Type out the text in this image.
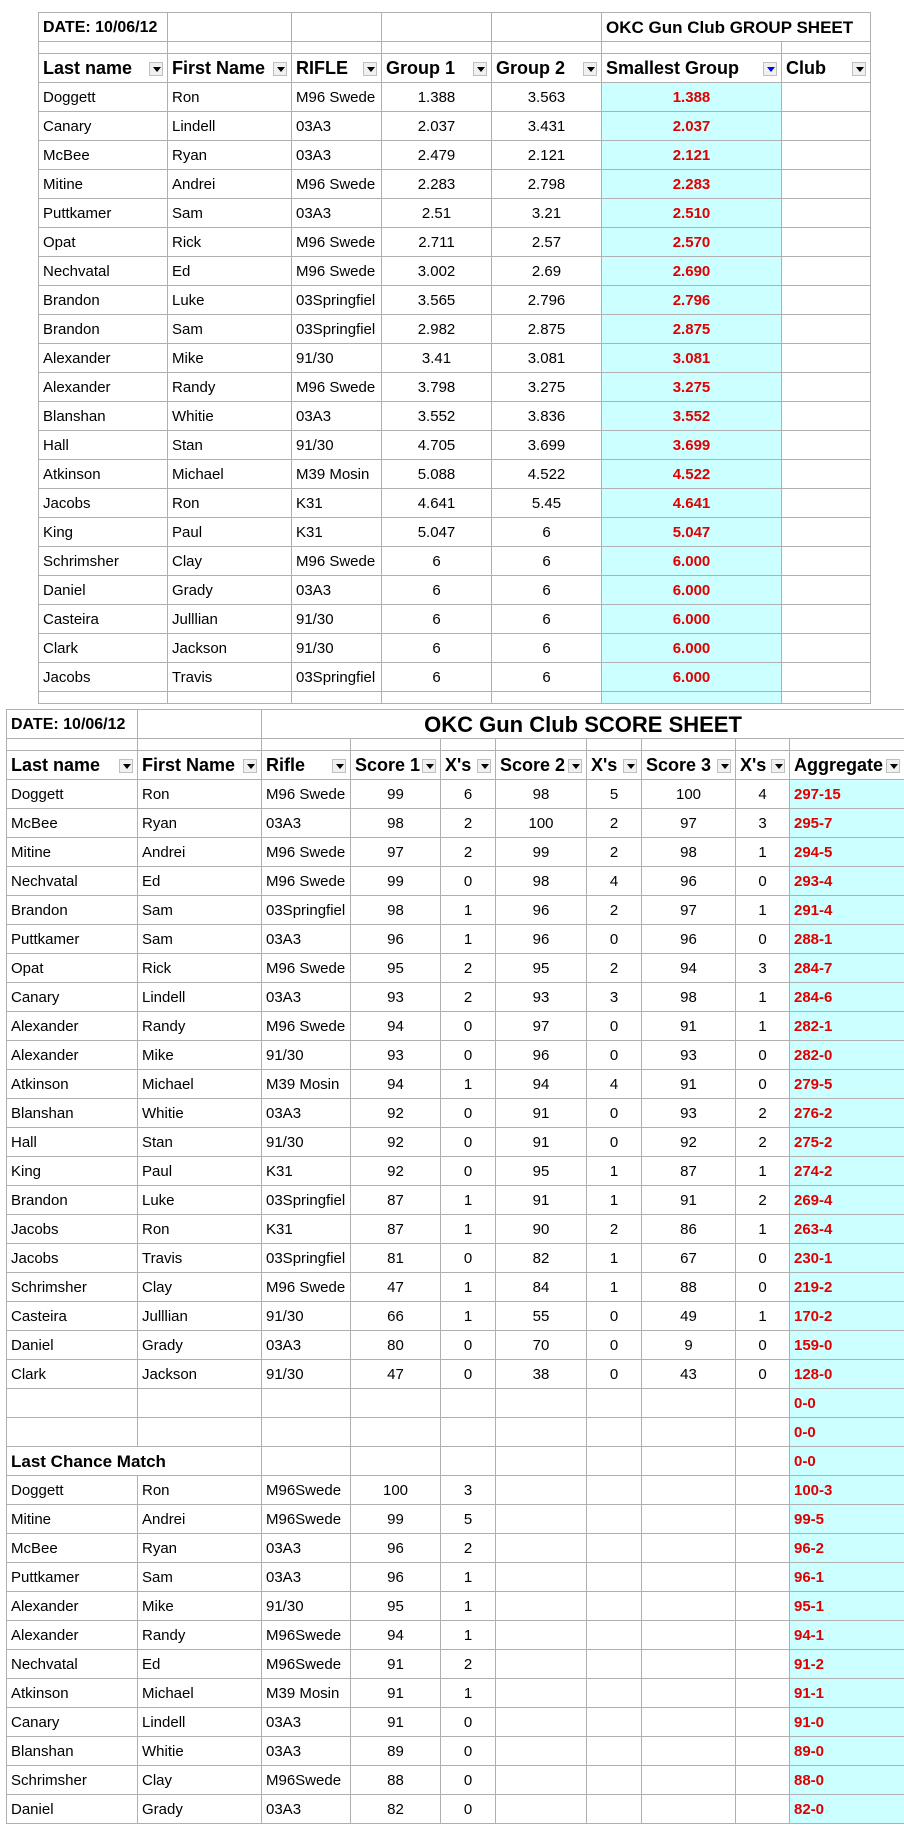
DATE: 10/06/12					OKC Gun Club GROUP SHEET	

Last name	First Name	RIFLE	Group 1	Group 2	Smallest Group	Club

Doggett	Ron	M96 Swede	1.388	3.563	1.388	
Canary	Lindell	03A3	2.037	3.431	2.037	
McBee	Ryan	03A3	2.479	2.121	2.121	
Mitine	Andrei	M96 Swede	2.283	2.798	2.283	
Puttkamer	Sam	03A3	2.51	3.21	2.510	
Opat	Rick	M96 Swede	2.711	2.57	2.570	
Nechvatal	Ed	M96 Swede	3.002	2.69	2.690	
Brandon	Luke	03Springfiel	3.565	2.796	2.796	
Brandon	Sam	03Springfiel	2.982	2.875	2.875	
Alexander	Mike	91/30	3.41	3.081	3.081	
Alexander	Randy	M96 Swede	3.798	3.275	3.275	
Blanshan	Whitie	03A3	3.552	3.836	3.552	
Hall	Stan	91/30	4.705	3.699	3.699	
Atkinson	Michael	M39 Mosin	5.088	4.522	4.522	
Jacobs	Ron	K31	4.641	5.45	4.641	
King	Paul	K31	5.047	6	5.047	
Schrimsher	Clay	M96 Swede	6	6	6.000	
Daniel	Grady	03A3	6	6	6.000	
Casteira	Julllian	91/30	6	6	6.000	
Clark	Jackson	91/30	6	6	6.000	
Jacobs	Travis	03Springfiel	6	6	6.000	

DATE: 10/06/12		OKC Gun Club SCORE SHEET							

Last name	First Name	Rifle	Score 1	X's	Score 2	X's	Score 3	X's	Aggregate

Doggett	Ron	M96 Swede	99	6	98	5	100	4	297-15
McBee	Ryan	03A3	98	2	100	2	97	3	295-7
Mitine	Andrei	M96 Swede	97	2	99	2	98	1	294-5
Nechvatal	Ed	M96 Swede	99	0	98	4	96	0	293-4
Brandon	Sam	03Springfiel	98	1	96	2	97	1	291-4
Puttkamer	Sam	03A3	96	1	96	0	96	0	288-1
Opat	Rick	M96 Swede	95	2	95	2	94	3	284-7
Canary	Lindell	03A3	93	2	93	3	98	1	284-6
Alexander	Randy	M96 Swede	94	0	97	0	91	1	282-1
Alexander	Mike	91/30	93	0	96	0	93	0	282-0
Atkinson	Michael	M39 Mosin	94	1	94	4	91	0	279-5
Blanshan	Whitie	03A3	92	0	91	0	93	2	276-2
Hall	Stan	91/30	92	0	91	0	92	2	275-2
King	Paul	K31	92	0	95	1	87	1	274-2
Brandon	Luke	03Springfiel	87	1	91	1	91	2	269-4
Jacobs	Ron	K31	87	1	90	2	86	1	263-4
Jacobs	Travis	03Springfiel	81	0	82	1	67	0	230-1
Schrimsher	Clay	M96 Swede	47	1	84	1	88	0	219-2
Casteira	Julllian	91/30	66	1	55	0	49	1	170-2
Daniel	Grady	03A3	80	0	70	0	9	0	159-0
Clark	Jackson	91/30	47	0	38	0	43	0	128-0
									0-0
									0-0
Last Chance Match									0-0
Doggett	Ron	M96Swede	100	3					100-3
Mitine	Andrei	M96Swede	99	5					99-5
McBee	Ryan	03A3	96	2					96-2
Puttkamer	Sam	03A3	96	1					96-1
Alexander	Mike	91/30	95	1					95-1
Alexander	Randy	M96Swede	94	1					94-1
Nechvatal	Ed	M96Swede	91	2					91-2
Atkinson	Michael	M39 Mosin	91	1					91-1
Canary	Lindell	03A3	91	0					91-0
Blanshan	Whitie	03A3	89	0					89-0
Schrimsher	Clay	M96Swede	88	0					88-0
Daniel	Grady	03A3	82	0					82-0
